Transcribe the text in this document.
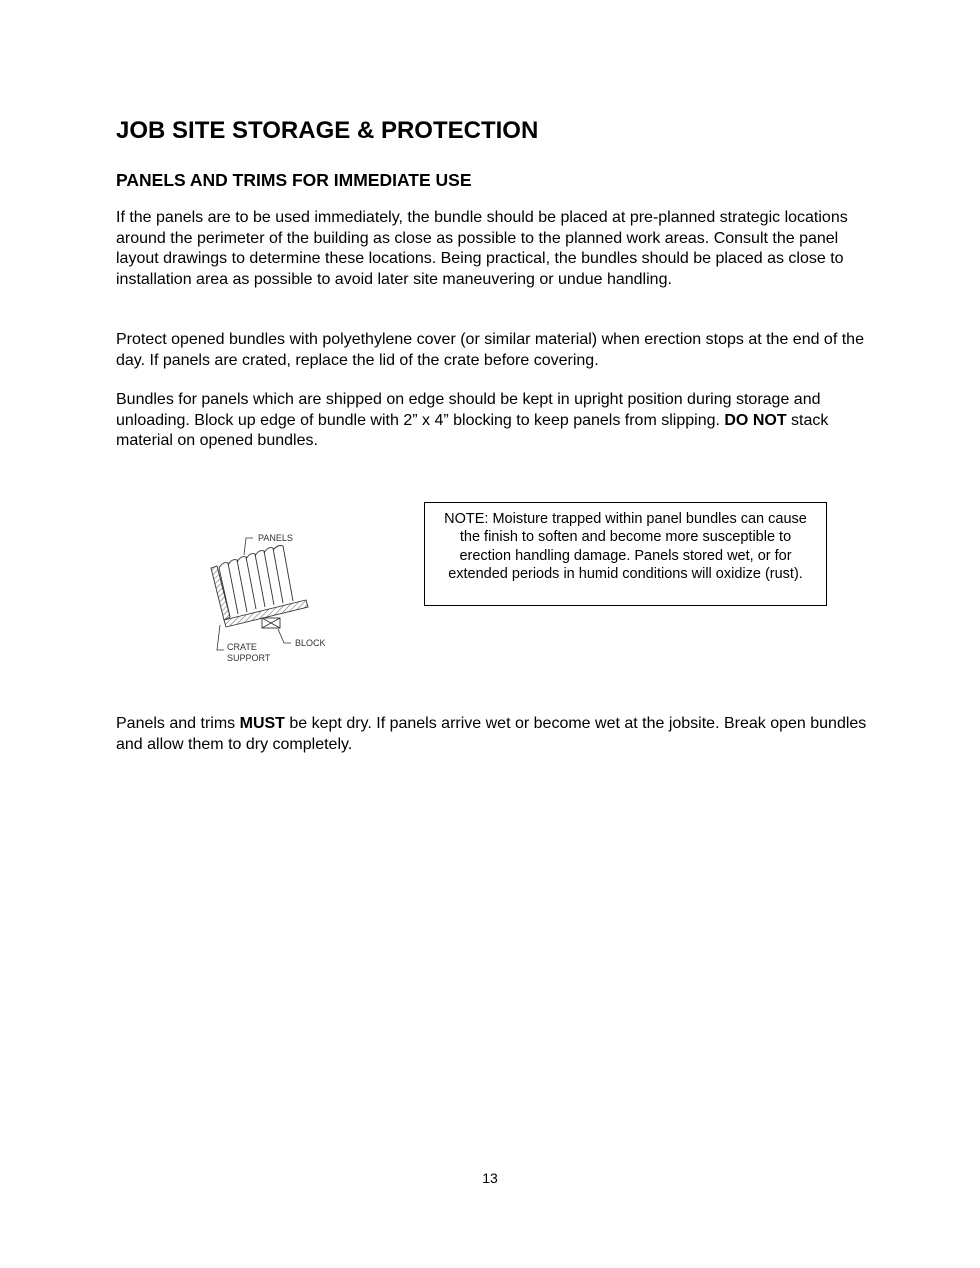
JOB SITE STORAGE & PROTECTION
PANELS AND TRIMS FOR IMMEDIATE USE

If the panels are to be used immediately, the bundle should be placed at pre-planned strategic locations around the perimeter of the building as close as possible to the planned work areas. Consult the panel layout drawings to determine these locations. Being practical, the bundles should be placed as close to installation area as possible to avoid later site maneuvering or undue handling.

Protect opened bundles with polyethylene cover (or similar material) when erection stops at the end of the day. If panels are crated, replace the lid of the crate before covering.

Bundles for panels which are shipped on edge should be kept in upright position during storage and unloading. Block up edge of bundle with 2” x 4” blocking to keep panels from slipping. DO NOT stack material on opened bundles.

PANELS
CRATE
SUPPORT
BLOCK
NOTE: Moisture trapped within panel bundles can cause the finish to soften and become more susceptible to erection handling damage. Panels stored wet, or for extended periods in humid conditions will oxidize (rust).

Panels and trims MUST be kept dry. If panels arrive wet or become wet at the jobsite. Break open bundles and allow them to dry completely.

13
